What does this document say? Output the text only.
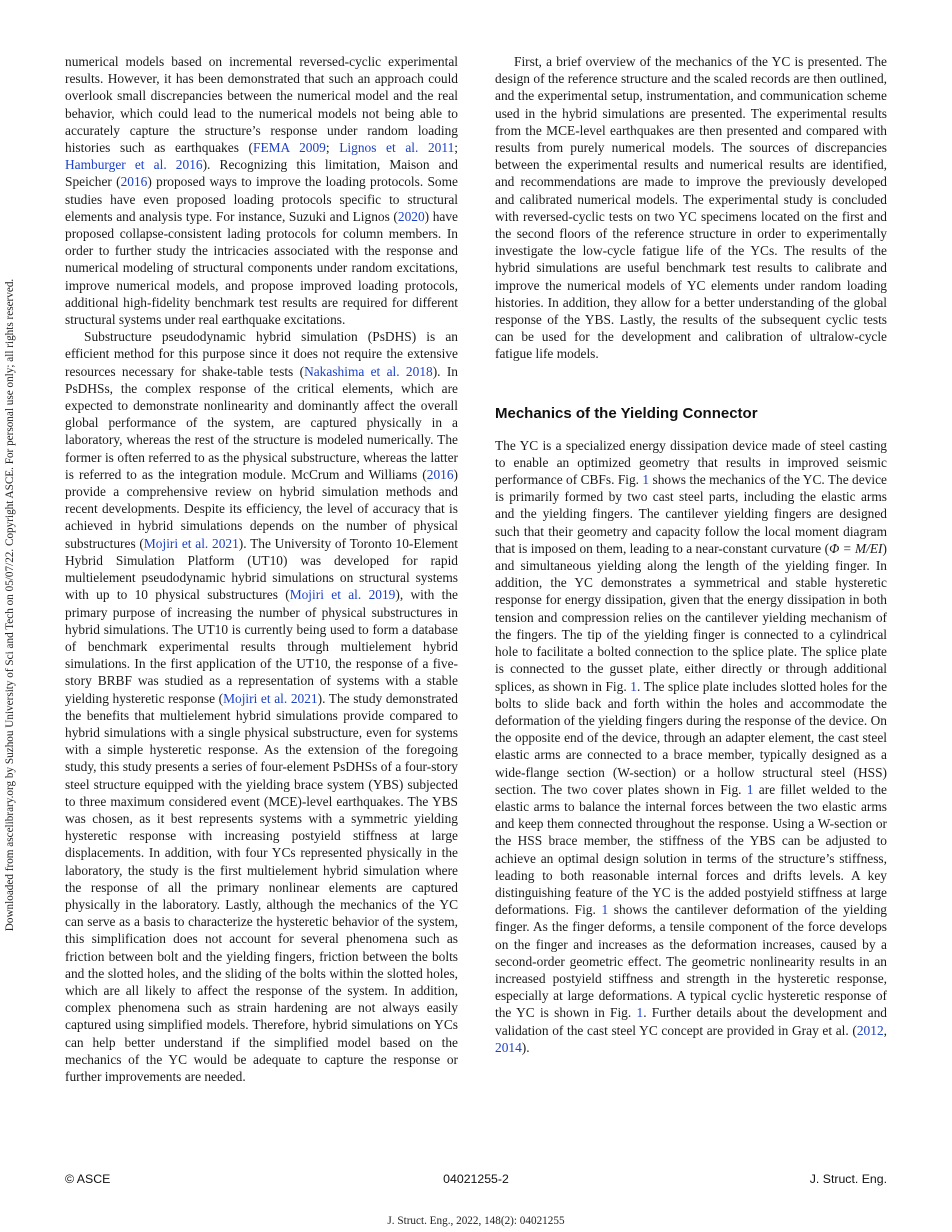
Downloaded from ascelibrary.org by Suzhou University of Sci and Tech on 05/07/22. Copyright ASCE. For personal use only; all rights reserved.

numerical models based on incremental reversed-cyclic experimental results. However, it has been demonstrated that such an approach could overlook small discrepancies between the numerical model and the real behavior, which could lead to the numerical models not being able to accurately capture the structure’s response under random loading histories such as earthquakes (FEMA 2009; Lignos et al. 2011; Hamburger et al. 2016). Recognizing this limitation, Maison and Speicher (2016) proposed ways to improve the loading protocols. Some studies have even proposed loading protocols specific to structural elements and analysis type. For instance, Suzuki and Lignos (2020) have proposed collapse-consistent lading protocols for column members. In order to further study the intricacies associated with the response and numerical modeling of structural components under random excitations, improve numerical models, and propose improved loading protocols, additional high-fidelity benchmark test results are required for different structural systems under real earthquake excitations.

Substructure pseudodynamic hybrid simulation (PsDHS) is an efficient method for this purpose since it does not require the extensive resources necessary for shake-table tests (Nakashima et al. 2018). In PsDHSs, the complex response of the critical elements, which are expected to demonstrate nonlinearity and dominantly affect the overall global performance of the system, are captured physically in a laboratory, whereas the rest of the structure is modeled numerically. The former is often referred to as the physical substructure, whereas the latter is referred to as the integration module. McCrum and Williams (2016) provide a comprehensive review on hybrid simulation methods and recent developments. Despite its efficiency, the level of accuracy that is achieved in hybrid simulations depends on the number of physical substructures (Mojiri et al. 2021). The University of Toronto 10-Element Hybrid Simulation Platform (UT10) was developed for rapid multielement pseudodynamic hybrid simulations on structural systems with up to 10 physical substructures (Mojiri et al. 2019), with the primary purpose of increasing the number of physical substructures in hybrid simulations. The UT10 is currently being used to form a database of benchmark experimental results through multielement hybrid simulations. In the first application of the UT10, the response of a five-story BRBF was studied as a representation of systems with a stable yielding hysteretic response (Mojiri et al. 2021). The study demonstrated the benefits that multielement hybrid simulations provide compared to hybrid simulations with a single physical substructure, even for systems with a simple hysteretic response. As the extension of the foregoing study, this study presents a series of four-element PsDHSs of a four-story steel structure equipped with the yielding brace system (YBS) subjected to three maximum considered event (MCE)-level earthquakes. The YBS was chosen, as it best represents systems with a symmetric yielding hysteretic response with increasing postyield stiffness at large displacements. In addition, with four YCs represented physically in the laboratory, the study is the first multielement hybrid simulation where the response of all the primary nonlinear elements are captured physically in the laboratory. Lastly, although the mechanics of the YC can serve as a basis to characterize the hysteretic behavior of the system, this simplification does not account for several phenomena such as friction between bolt and the yielding fingers, friction between the bolts and the slotted holes, and the sliding of the bolts within the slotted holes, which are all likely to affect the response of the system. In addition, complex phenomena such as strain hardening are not always easily captured using simplified models. Therefore, hybrid simulations on YCs can help better understand if the simplified model based on the mechanics of the YC would be adequate to capture the response or further improvements are needed.

First, a brief overview of the mechanics of the YC is presented. The design of the reference structure and the scaled records are then outlined, and the experimental setup, instrumentation, and communication scheme used in the hybrid simulations are presented. The experimental results from the MCE-level earthquakes are then presented and compared with results from purely numerical models. The sources of discrepancies between the experimental results and numerical results are identified, and recommendations are made to improve the previously developed and calibrated numerical models. The experimental study is concluded with reversed-cyclic tests on two YC specimens located on the first and the second floors of the reference structure in order to experimentally investigate the low-cycle fatigue life of the YCs. The results of the hybrid simulations are useful benchmark test results to calibrate and improve the numerical models of YC elements under random loading histories. In addition, they allow for a better understanding of the global response of the YBS. Lastly, the results of the subsequent cyclic tests can be used for the development and calibration of ultralow-cycle fatigue life models.

Mechanics of the Yielding Connector

The YC is a specialized energy dissipation device made of steel casting to enable an optimized geometry that results in improved seismic performance of CBFs. Fig. 1 shows the mechanics of the YC. The device is primarily formed by two cast steel parts, including the elastic arms and the yielding fingers. The cantilever yielding fingers are designed such that their geometry and capacity follow the local moment diagram that is imposed on them, leading to a near-constant curvature (Φ = M/EI) and simultaneous yielding along the length of the yielding finger. In addition, the YC demonstrates a symmetrical and stable hysteretic response for energy dissipation, given that the energy dissipation in both tension and compression relies on the cantilever yielding mechanism of the fingers. The tip of the yielding finger is connected to a cylindrical hole to facilitate a bolted connection to the splice plate. The splice plate is connected to the gusset plate, either directly or through additional splices, as shown in Fig. 1. The splice plate includes slotted holes for the bolts to slide back and forth within the holes and accommodate the deformation of the yielding fingers during the response of the device. On the opposite end of the device, through an adapter element, the cast steel elastic arms are connected to a brace member, typically designed as a wide-flange section (W-section) or a hollow structural steel (HSS) section. The two cover plates shown in Fig. 1 are fillet welded to the elastic arms to balance the internal forces between the two elastic arms and keep them connected throughout the response. Using a W-section or the HSS brace member, the stiffness of the YBS can be adjusted to achieve an optimal design solution in terms of the structure’s stiffness, leading to both reasonable internal forces and drifts levels. A key distinguishing feature of the YC is the added postyield stiffness at large deformations. Fig. 1 shows the cantilever deformation of the yielding finger. As the finger deforms, a tensile component of the force develops on the finger and increases as the deformation increases, caused by a second-order geometric effect. The geometric nonlinearity results in an increased postyield stiffness and strength in the hysteretic response, especially at large deformations. A typical cyclic hysteretic response of the YC is shown in Fig. 1. Further details about the development and validation of the cast steel YC concept are provided in Gray et al. (2012, 2014).

© ASCE	04021255-2	J. Struct. Eng.
J. Struct. Eng., 2022, 148(2): 04021255
